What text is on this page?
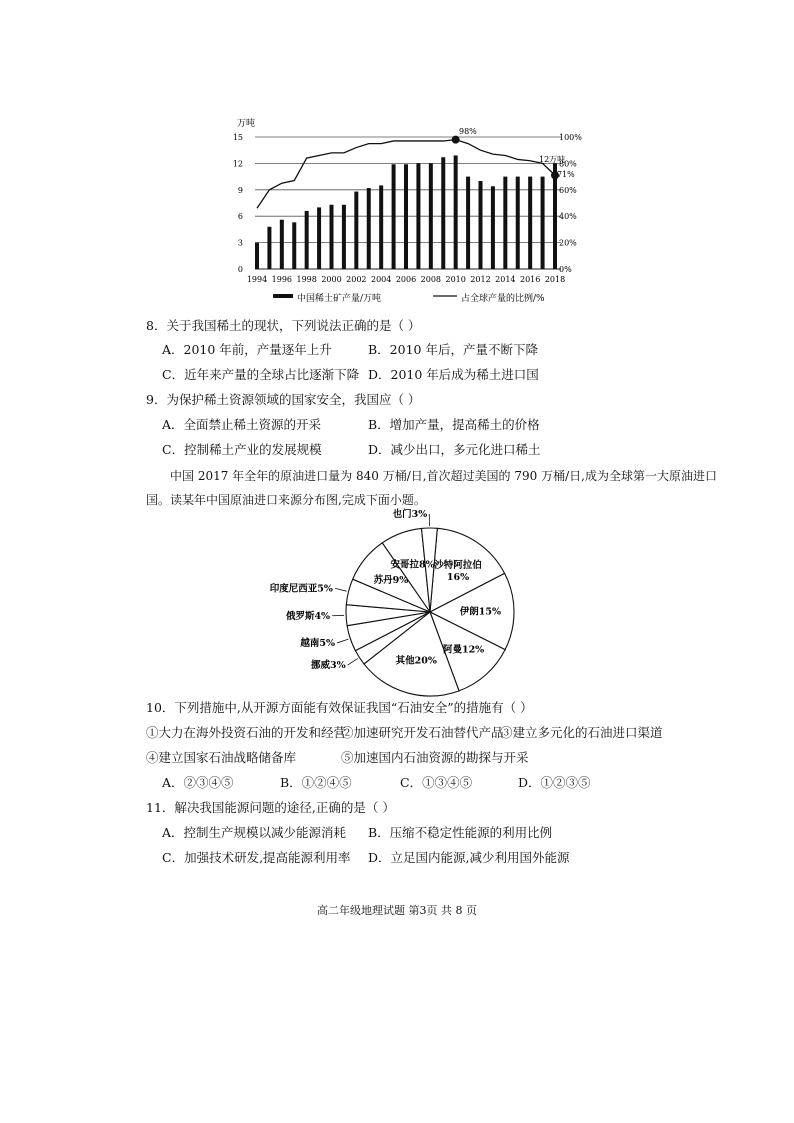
0
3
6
9
12
15
0%
20%
40%
60%
80%
100%
1994 1996 1998 2000 2002 2004 2006 2008 2010 2012 2014 2016 2018
万吨
98%
12万吨
71%
中国稀土矿产量/万吨	占全球产量的比例/%
8．关于我国稀土的现状，下列说法正确的是（ ）
A．2010 年前，产量逐年上升	B．2010 年后，产量不断下降
C．近年来产量的全球占比逐渐下降 D．2010 年后成为稀土进口国
9．为保护稀土资源领域的国家安全，我国应（ ）
A．全面禁止稀土资源的开采	B．增加产量，提高稀土的价格
C．控制稀土产业的发展规模	D．减少出口，多元化进口稀土
中国 2017 年全年的原油进口量为 840 万桶/日,首次超过美国的 790 万桶/日,成为全球第一大原油进口
国。读某年中国原油进口来源分布图,完成下面小题。
沙特阿拉伯
16%
伊朗15%
阿曼12%
其他20%
挪威3%
越南5%
俄罗斯4%
印度尼西亚5%
苏丹9%
安哥拉8%
也门3%
10．下列措施中,从开源方面能有效保证我国“石油安全”的措施有（ ）
①大力在海外投资石油的开发和经营
②加速研究开发石油替代产品
③建立多元化的石油进口渠道
④建立国家石油战略储备库	⑤加速国内石油资源的勘探与开采
A．②③④⑤	B．①②④⑤	C．①③④⑤	D．①②③⑤
11．解决我国能源问题的途径,正确的是（ ）
A．控制生产规模以减少能源消耗 B．压缩不稳定性能源的利用比例
C．加强技术研发,提高能源利用率 D．立足国内能源,减少利用国外能源
高二年级地理试题 第3页 共 8 页
